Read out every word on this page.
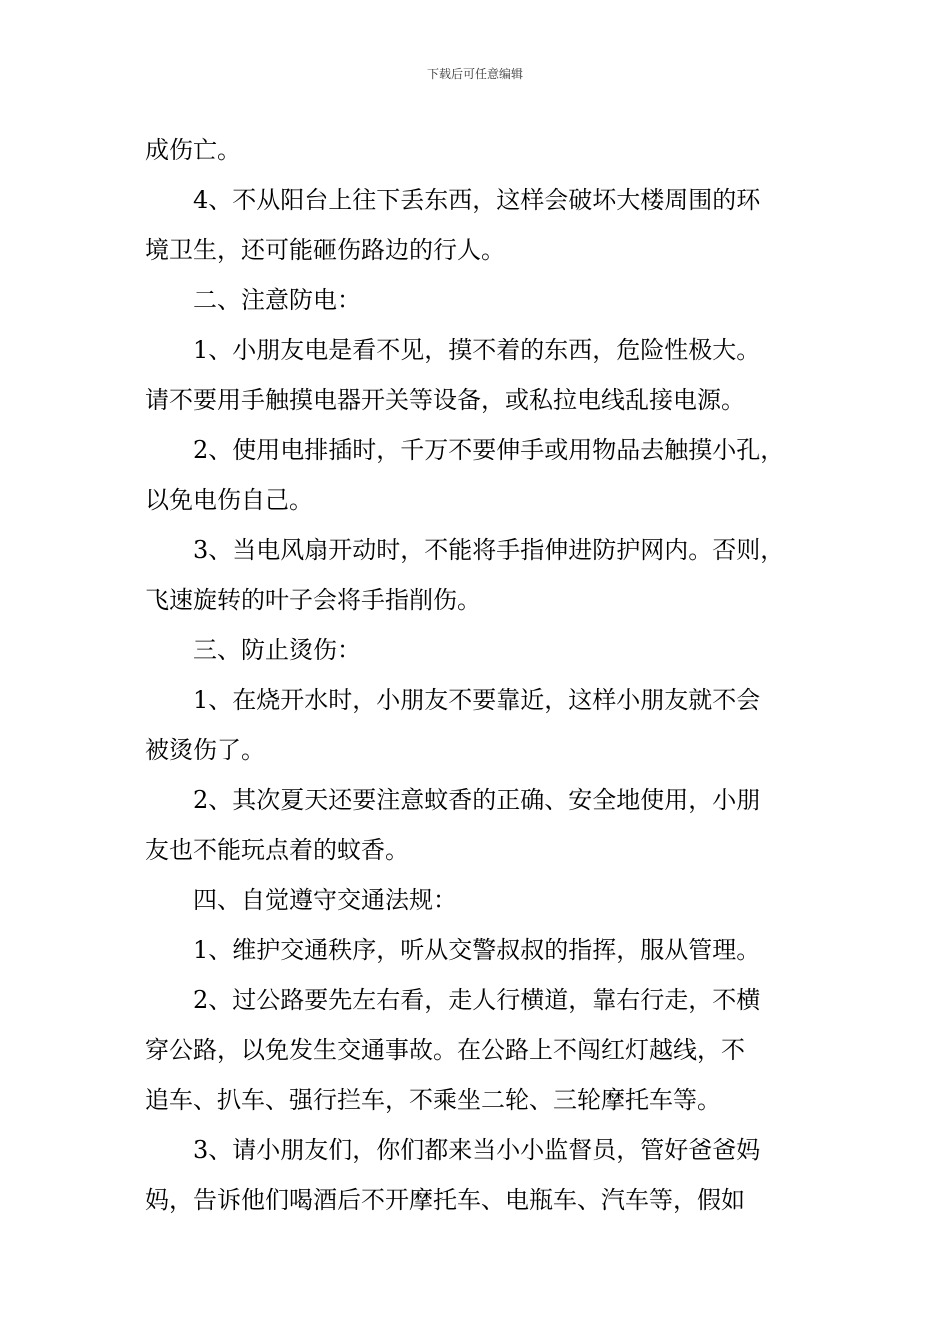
下载后可任意编辑
成伤亡。
4、不从阳台上往下丢东西，这样会破坏大楼周围的环
境卫生，还可能砸伤路边的行人。
二、注意防电：
1、小朋友电是看不见，摸不着的东西，危险性极大。
请不要用手触摸电器开关等设备，或私拉电线乱接电源。
2、使用电排插时，千万不要伸手或用物品去触摸小孔，
以免电伤自己。
3、当电风扇开动时，不能将手指伸进防护网内。否则，
飞速旋转的叶子会将手指削伤。
三、防止烫伤：
1、在烧开水时，小朋友不要靠近，这样小朋友就不会
被烫伤了。
2、其次夏天还要注意蚊香的正确、安全地使用，小朋
友也不能玩点着的蚊香。
四、自觉遵守交通法规：
1、维护交通秩序，听从交警叔叔的指挥，服从管理。
2、过公路要先左右看，走人行横道，靠右行走，不横
穿公路，以免发生交通事故。在公路上不闯红灯越线，不
追车、扒车、强行拦车，不乘坐二轮、三轮摩托车等。
3、请小朋友们，你们都来当小小监督员，管好爸爸妈
妈，告诉他们喝酒后不开摩托车、电瓶车、汽车等，假如
